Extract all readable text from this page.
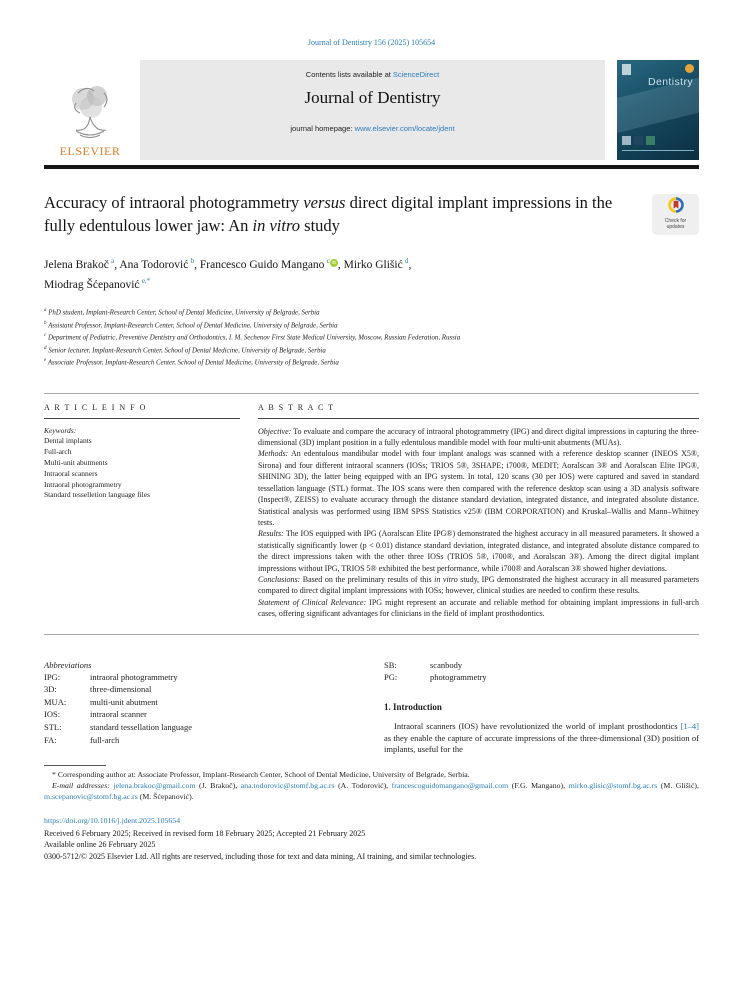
Journal of Dentistry 156 (2025) 105654
ELSEVIER
Contents lists available at ScienceDirect
Journal of Dentistry
journal homepage: www.elsevier.com/locate/jdent
Dentistry
Accuracy of intraoral photogrammetry versus direct digital implant impressions in the fully edentulous lower jaw: An in vitro study	Check for
updates
Jelena Brakoč  $^a$, Ana Todorović  $^b$, Francesco Guido Mangano  $^c$ iD , Mirko Glišić  $^d$,
Miodrag Šćepanović  $^{e,*}$
$^a$ PhD student, Implant-Research Center, School of Dental Medicine, University of Belgrade, Serbia
$^b$ Assistant Professor, Implant-Research Center, School of Dental Medicine, University of Belgrade, Serbia
$^c$ Department of Pediatric, Preventive Dentistry and Orthodontics, I. M. Sechenov First State Medical University, Moscow, Russian Federation, Russia
$^d$ Senior lecturer, Implant-Research Center, School of Dental Medicine, University of Belgrade, Serbia
$^e$ Associate Professor, Implant-Research Center, School of Dental Medicine, University of Belgrade, Serbia
A R T I C L E I N F O
Keywords:
Dental implants
Full-arch
Multi-unit abutments
Intraoral scanners
Intraoral photogrammetry
Standard tesselletion language files
A B S T R A C T

Objective: To evaluate and compare the accuracy of intraoral photogrammetry (IPG) and direct digital impressions in capturing the three-dimensional (3D) implant position in a fully edentulous mandible model with four multi-unit abutments (MUAs).

Methods: An edentulous mandibular model with four implant analogs was scanned with a reference desktop scanner (INEOS X5®, Sirona) and four different intraoral scanners (IOSs; TRIOS 5®, 3SHAPE; i700®, MEDIT; Aoralscan 3® and Aoralscan Elite IPG®, SHINING 3D), the latter being equipped with an IPG system. In total, 120 scans (30 per IOS) were captured and saved in standard tessellation language (STL) format. The IOS scans were then compared with the reference desktop scan using a 3D analysis software (Inspect®, ZEISS) to evaluate accuracy through the distance standard deviation, integrated distance, and integrated absolute distance. Statistical analysis was performed using IBM SPSS Statistics v25® (IBM CORPORATION) and Kruskal–Wallis and Mann–Whitney tests.

Results: The IOS equipped with IPG (Aoralscan Elite IPG®) demonstrated the highest accuracy in all measured parameters. It showed a statistically significantly lower (p < 0.01) distance standard deviation, integrated distance, and integrated absolute distance compared to the direct impressions taken with the other three IOSs (TRIOS 5®, i700®, and Aoralscan 3®). Among the direct digital implant impressions without IPG, TRIOS 5® exhibited the best performance, while i700® and Aoralscan 3® showed higher deviations.

Conclusions: Based on the preliminary results of this in vitro study, IPG demonstrated the highest accuracy in all measured parameters compared to direct digital implant impressions with IOSs; however, clinical studies are needed to confirm these results.

Statement of Clinical Relevance: IPG might represent an accurate and reliable method for obtaining implant impressions in full-arch cases, offering significant advantages for clinicians in the field of implant prosthodontics.

Abbreviations
IPG:	intraoral photogrammetry
3D:	three-dimensional
MUA:	multi-unit abutment
IOS:	intraoral scanner
STL:	standard tessellation language
FA:	full-arch
SB:	scanbody
PG:	photogrammetry
1. Introduction

Intraoral scanners (IOS) have revolutionized the world of implant prosthodontics [1–4] as they enable the capture of accurate impressions of the three-dimensional (3D) position of implants, useful for the

* Corresponding author at: Associate Professor, Implant-Research Center, School of Dental Medicine, University of Belgrade, Serbia.

E-mail addresses: jelena.brakoc@gmail.com (J. Brakoč), ana.todorovic@stomf.bg.ac.rs (A. Todorović), francescoguidomangano@gmail.com (F.G. Mangano), mirko.glisic@stomf.bg.ac.rs (M. Glišić), m.scepanovic@stomf.bg.ac.rs (M. Šćepanović).

https://doi.org/10.1016/j.jdent.2025.105654
Received 6 February 2025; Received in revised form 18 February 2025; Accepted 21 February 2025
Available online 26 February 2025
0300-5712/© 2025 Elsevier Ltd. All rights are reserved, including those for text and data mining, AI training, and similar technologies.
